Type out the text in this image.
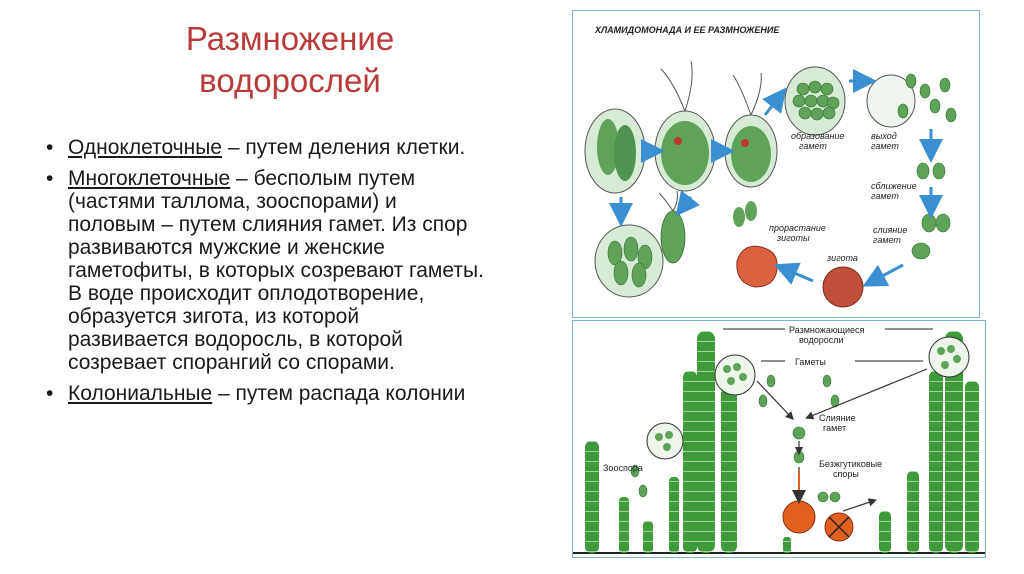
Размножение
водорослей
• Одноклеточные – путем деления клетки.
• Многоклеточные – бесполым путем (частями таллома, зооспорами) и половым – путем слияния гамет. Из спор развиваются мужские и женские гаметофиты, в которых созревают гаметы. В воде происходит оплодотворение, образуется зигота, из которой развивается водоросль, в которой созревает спорангий со спорами.
• Колониальные – путем распада колонии
ХЛАМИДОМОНАДА И ЕЕ РАЗМНОЖЕНИЕ
образование
гамет
выход
гамет
сближение
гамет
слияние
гамет
зигота
прорастание
зиготы
Размножающиеся
водоросли
Гаметы
Слияние
гамет
Зооспора	Безжгутиковые
споры
